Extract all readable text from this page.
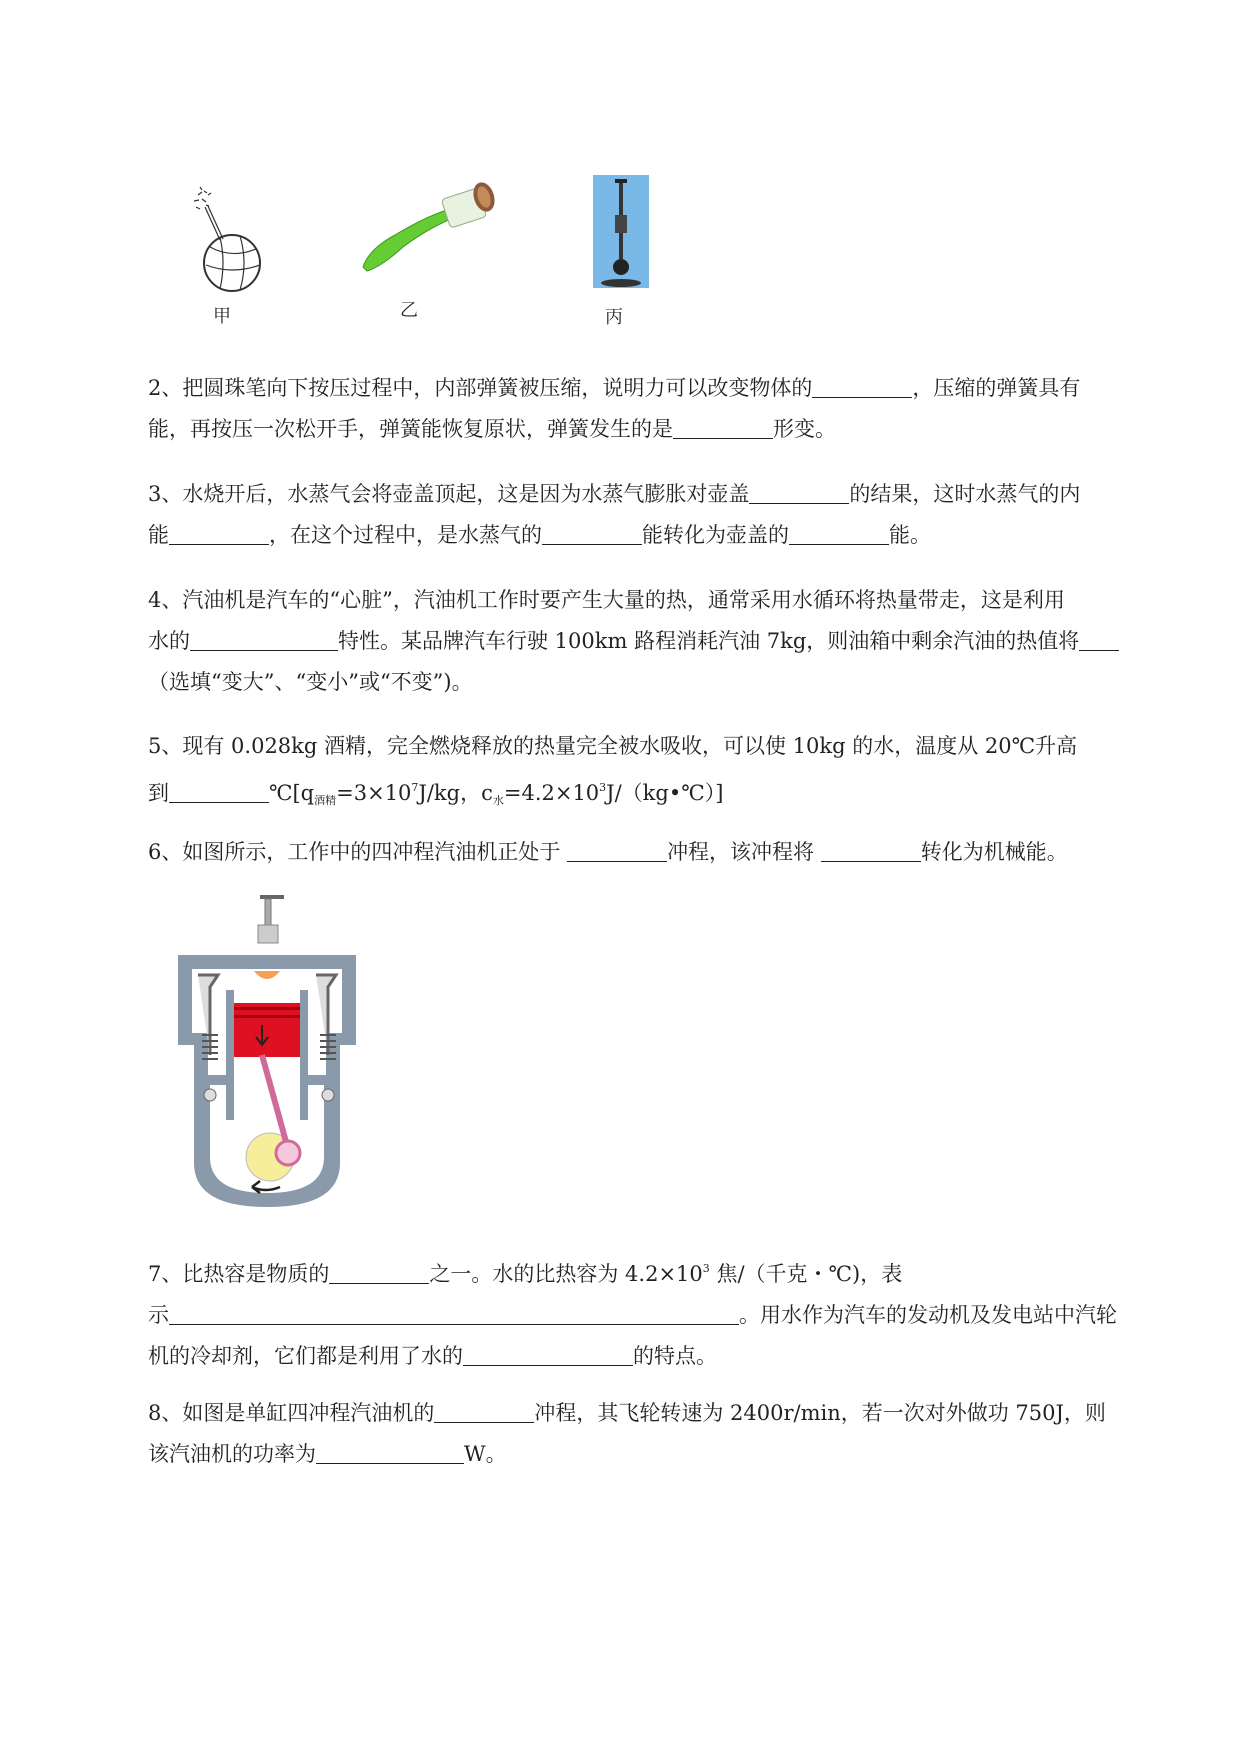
甲	乙	丙
2、把圆珠笔向下按压过程中，内部弹簧被压缩，说明力可以改变物体的	，压缩的弹簧具有
能，再按压一次松开手，弹簧能恢复原状，弹簧发生的是	形变。
3、水烧开后，水蒸气会将壶盖顶起，这是因为水蒸气膨胀对壶盖	的结果，这时水蒸气的内
能	，在这个过程中，是水蒸气的	能转化为壶盖的	能。
4、汽油机是汽车的“心脏”，汽油机工作时要产生大量的热，通常采用水循环将热量带走，这是利用
水的	特性。某品牌汽车行驶 100km 路程消耗汽油 7kg，则油箱中剩余汽油的热值将
（选填“变大”、“变小”或“不变”)。
5、现有 0.028kg 酒精，完全燃烧释放的热量完全被水吸收，可以使 10kg 的水，温度从 20℃升高
到	$℃[q_{酒精}=3\times 10^7J/kg$，$c_水=4.2\times 10^3J/(kg•℃)$]
6、如图所示，工作中的四冲程汽油机正处于	冲程，该冲程将	转化为机械能。
7、比热容是物质的	之一。水的比热容为 $4.2\times 10^3$ 焦/（千克・℃)，表
示	。用水作为汽车的发动机及发电站中汽轮
机的冷却剂，它们都是利用了水的	的特点。
8、如图是单缸四冲程汽油机的	冲程，其飞轮转速为 2400r/min，若一次对外做功 750J，则
该汽油机的功率为	W。
